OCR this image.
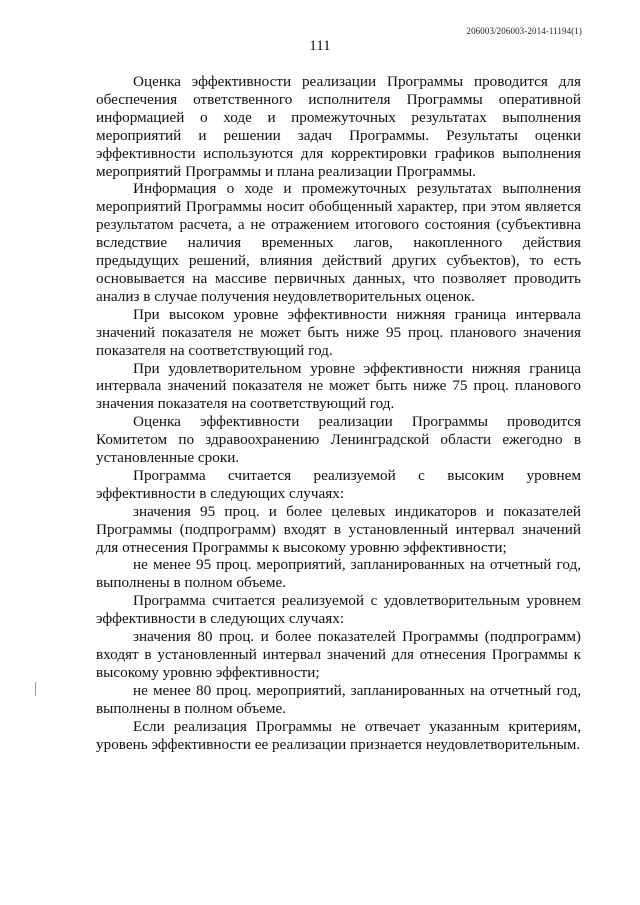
206003/206003-2014-11194(1)
111

Оценка эффективности реализации Программы проводится для обеспечения ответственного исполнителя Программы оперативной информацией о ходе и промежуточных результатах выполнения мероприятий и решении задач Программы. Результаты оценки эффективности используются для корректировки графиков выполнения мероприятий Программы и плана реализации Программы.

Информация о ходе и промежуточных результатах выполнения мероприятий Программы носит обобщенный характер, при этом является результатом расчета, а не отражением итогового состояния (субъективна вследствие наличия временных лагов, накопленного действия предыдущих решений, влияния действий других субъектов), то есть основывается на массиве первичных данных, что позволяет проводить анализ в случае получения неудовлетворительных оценок.

При высоком уровне эффективности нижняя граница интервала значений показателя не может быть ниже 95 проц. планового значения показателя на соответствующий год.

При удовлетворительном уровне эффективности нижняя граница интервала значений показателя не может быть ниже 75 проц. планового значения показателя на соответствующий год.

Оценка эффективности реализации Программы проводится Комитетом по здравоохранению Ленинградской области ежегодно в установленные сроки.

Программа считается реализуемой с высоким уровнем эффективности в следующих случаях:

значения 95 проц. и более целевых индикаторов и показателей Программы (подпрограмм) входят в установленный интервал значений для отнесения Программы к высокому уровню эффективности;

не менее 95 проц. мероприятий, запланированных на отчетный год, выполнены в полном объеме.

Программа считается реализуемой с удовлетворительным уровнем эффективности в следующих случаях:

значения 80 проц. и более показателей Программы (подпрограмм) входят в установленный интервал значений для отнесения Программы к высокому уровню эффективности;

не менее 80 проц. мероприятий, запланированных на отчетный год, выполнены в полном объеме.

Если реализация Программы не отвечает указанным критериям, уровень эффективности ее реализации признается неудовлетворительным.
